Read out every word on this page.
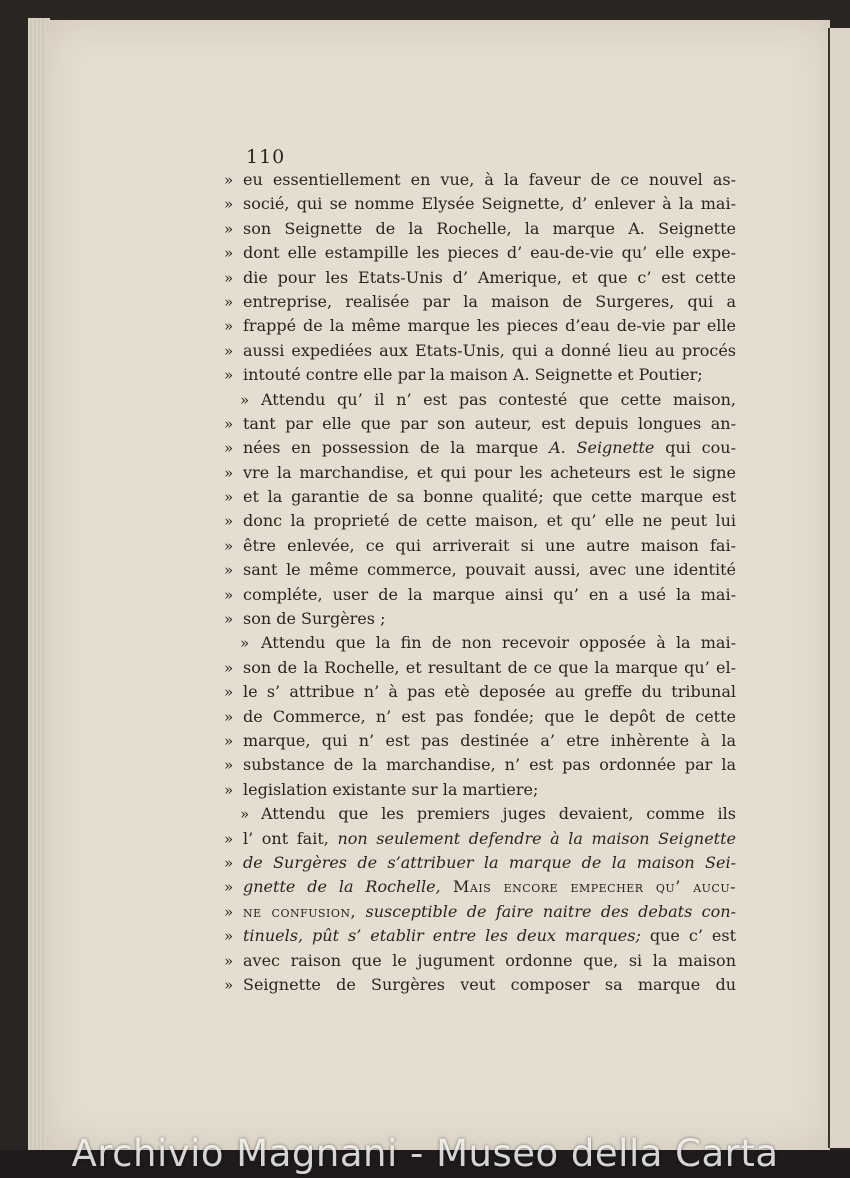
110
» eu essentiellement en vue, à la faveur de ce nouvel as-
» socié, qui se nomme Elysée Seignette, d’ enlever à la mai-
» son Seignette de la Rochelle, la marque A. Seignette
» dont elle estampille les pieces d’ eau-de-vie qu’ elle expe-
» die pour les Etats-Unis d’ Amerique, et que c’ est cette
» entreprise, realisée par la maison de Surgeres, qui a
» frappé de la même marque les pieces d’eau de-vie par elle
» aussi expediées aux Etats-Unis, qui a donné lieu au procés
» intouté contre elle par la maison A. Seignette et Poutier;
» Attendu qu’ il n’ est pas contesté que cette maison,
» tant par elle que par son auteur, est depuis longues an-
» nées en possession de la marque A. Seignette qui cou-
» vre la marchandise, et qui pour les acheteurs est le signe
» et la garantie de sa bonne qualité; que cette marque est
» donc la proprieté de cette maison, et qu’ elle ne peut lui
» être enlevée, ce qui arriverait si une autre maison fai-
» sant le même commerce, pouvait aussi, avec une identité
» compléte, user de la marque ainsi qu’ en a usé la mai-
» son de Surgères ;
» Attendu que la fin de non recevoir opposée à la mai-
» son de la Rochelle, et resultant de ce que la marque qu’ el-
» le s’ attribue n’ à pas etè deposée au greffe du tribunal
» de Commerce, n’ est pas fondée; que le depôt de cette
» marque, qui n’ est pas destinée a’ etre inhèrente à la
» substance de la marchandise, n’ est pas ordonnée par la
» legislation existante sur la martiere;
» Attendu que les premiers juges devaient, comme ils
» l’ ont fait, non seulement defendre à la maison Seignette
» de Surgères de s’attribuer la marque de la maison Sei-
» gnette de la Rochelle, Mais encore empecher qu’ aucu-
» ne confusion, susceptible de faire naitre des debats con-
» tinuels, pût s’ etablir entre les deux marques; que c’ est
» avec raison que le jugument ordonne que, si la maison
» Seignette de Surgères veut composer sa marque du
Archivio Magnani - Museo della Carta
